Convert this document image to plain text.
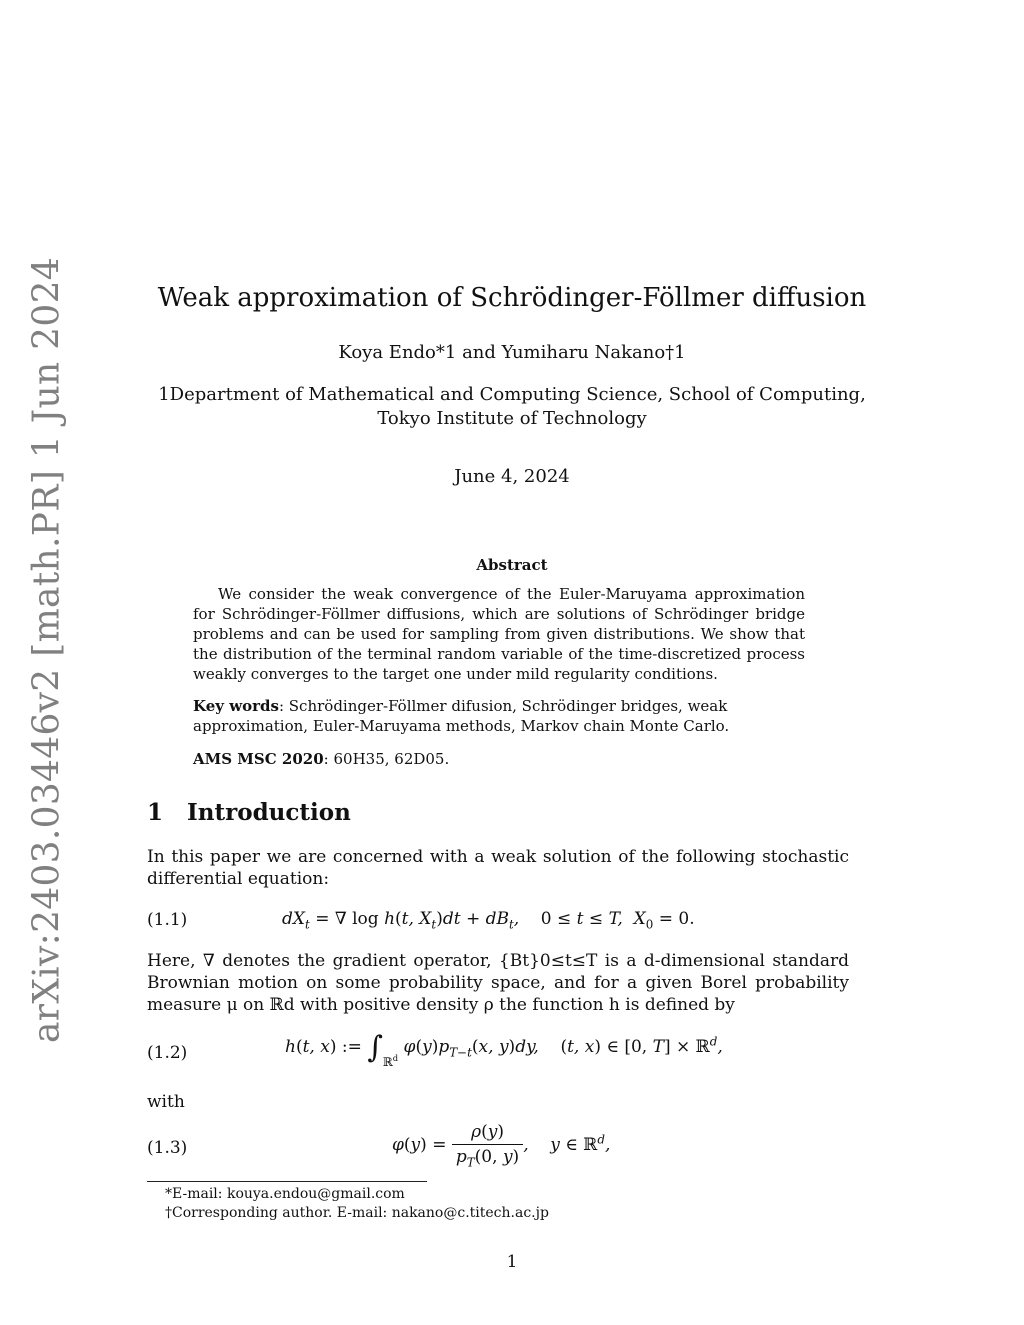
arXiv:2403.03446v2 [math.PR] 1 Jun 2024	Weak approximation of Schrödinger-Föllmer diffusion
Koya Endo*1 and Yumiharu Nakano†1
1Department of Mathematical and Computing Science, School of Computing,
Tokyo Institute of Technology
June 4, 2024
Abstract
We consider the weak convergence of the Euler-Maruyama approximation for Schrödinger-Föllmer diffusions, which are solutions of Schrödinger bridge problems and can be used for sampling from given distributions. We show that the distribution of the terminal random variable of the time-discretized process weakly converges to the target one under mild regularity conditions.
Key words: Schrödinger-Föllmer difusion, Schrödinger bridges, weak approximation, Euler-Maruyama methods, Markov chain Monte Carlo.
AMS MSC 2020: 60H35, 62D05.
1 Introduction
In this paper we are concerned with a weak solution of the following stochastic differential equation:
(1.1)	$dX_t$ = ∇ log h(t, $X_t)dt + dB_t$,    0 ≤ t ≤ T, $X_0 = 0$.
Here, ∇ denotes the gradient operator, {Bt}0≤t≤T is a d-dimensional standard Brownian motion on some probability space, and for a given Borel probability measure μ on ℝd with positive density ρ the function h is defined by
(1.2)	h(t, x) := $\int_{ℝ^d}$ $\varphi(y)p_{T-t}(x$, y)dy,    (t, x) ∈ [0, T] × ℝ$^d$,
with
(1.3)	$\varphi(y) = \frac{\rho(y)}{p_T(0, y)}$ , y ∈ ℝ$^d$,
*E-mail: kouya.endou@gmail.com
†Corresponding author. E-mail: nakano@c.titech.ac.jp
1
